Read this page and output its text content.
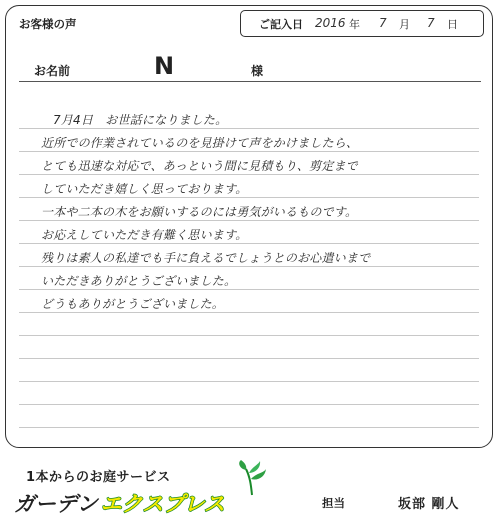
お客様の声	ご記入日 2016 年 7 月 7 日
お名前	N	様
7月4日　お世話になりました。
近所での作業されているのを見掛けて声をかけましたら、
とても迅速な対応で、あっという間に見積もり、剪定まで
していただき嬉しく思っております。
一本や二本の木をお願いするのには勇気がいるものです。
お応えしていただき有難く思います。
残りは素人の私達でも手に負えるでしょうとのお心遣いまで
いただきありがとうございました。
どうもありがとうございました。
1本からのお庭サービス
ガーデン エクスプレス	担当	坂部 剛人
